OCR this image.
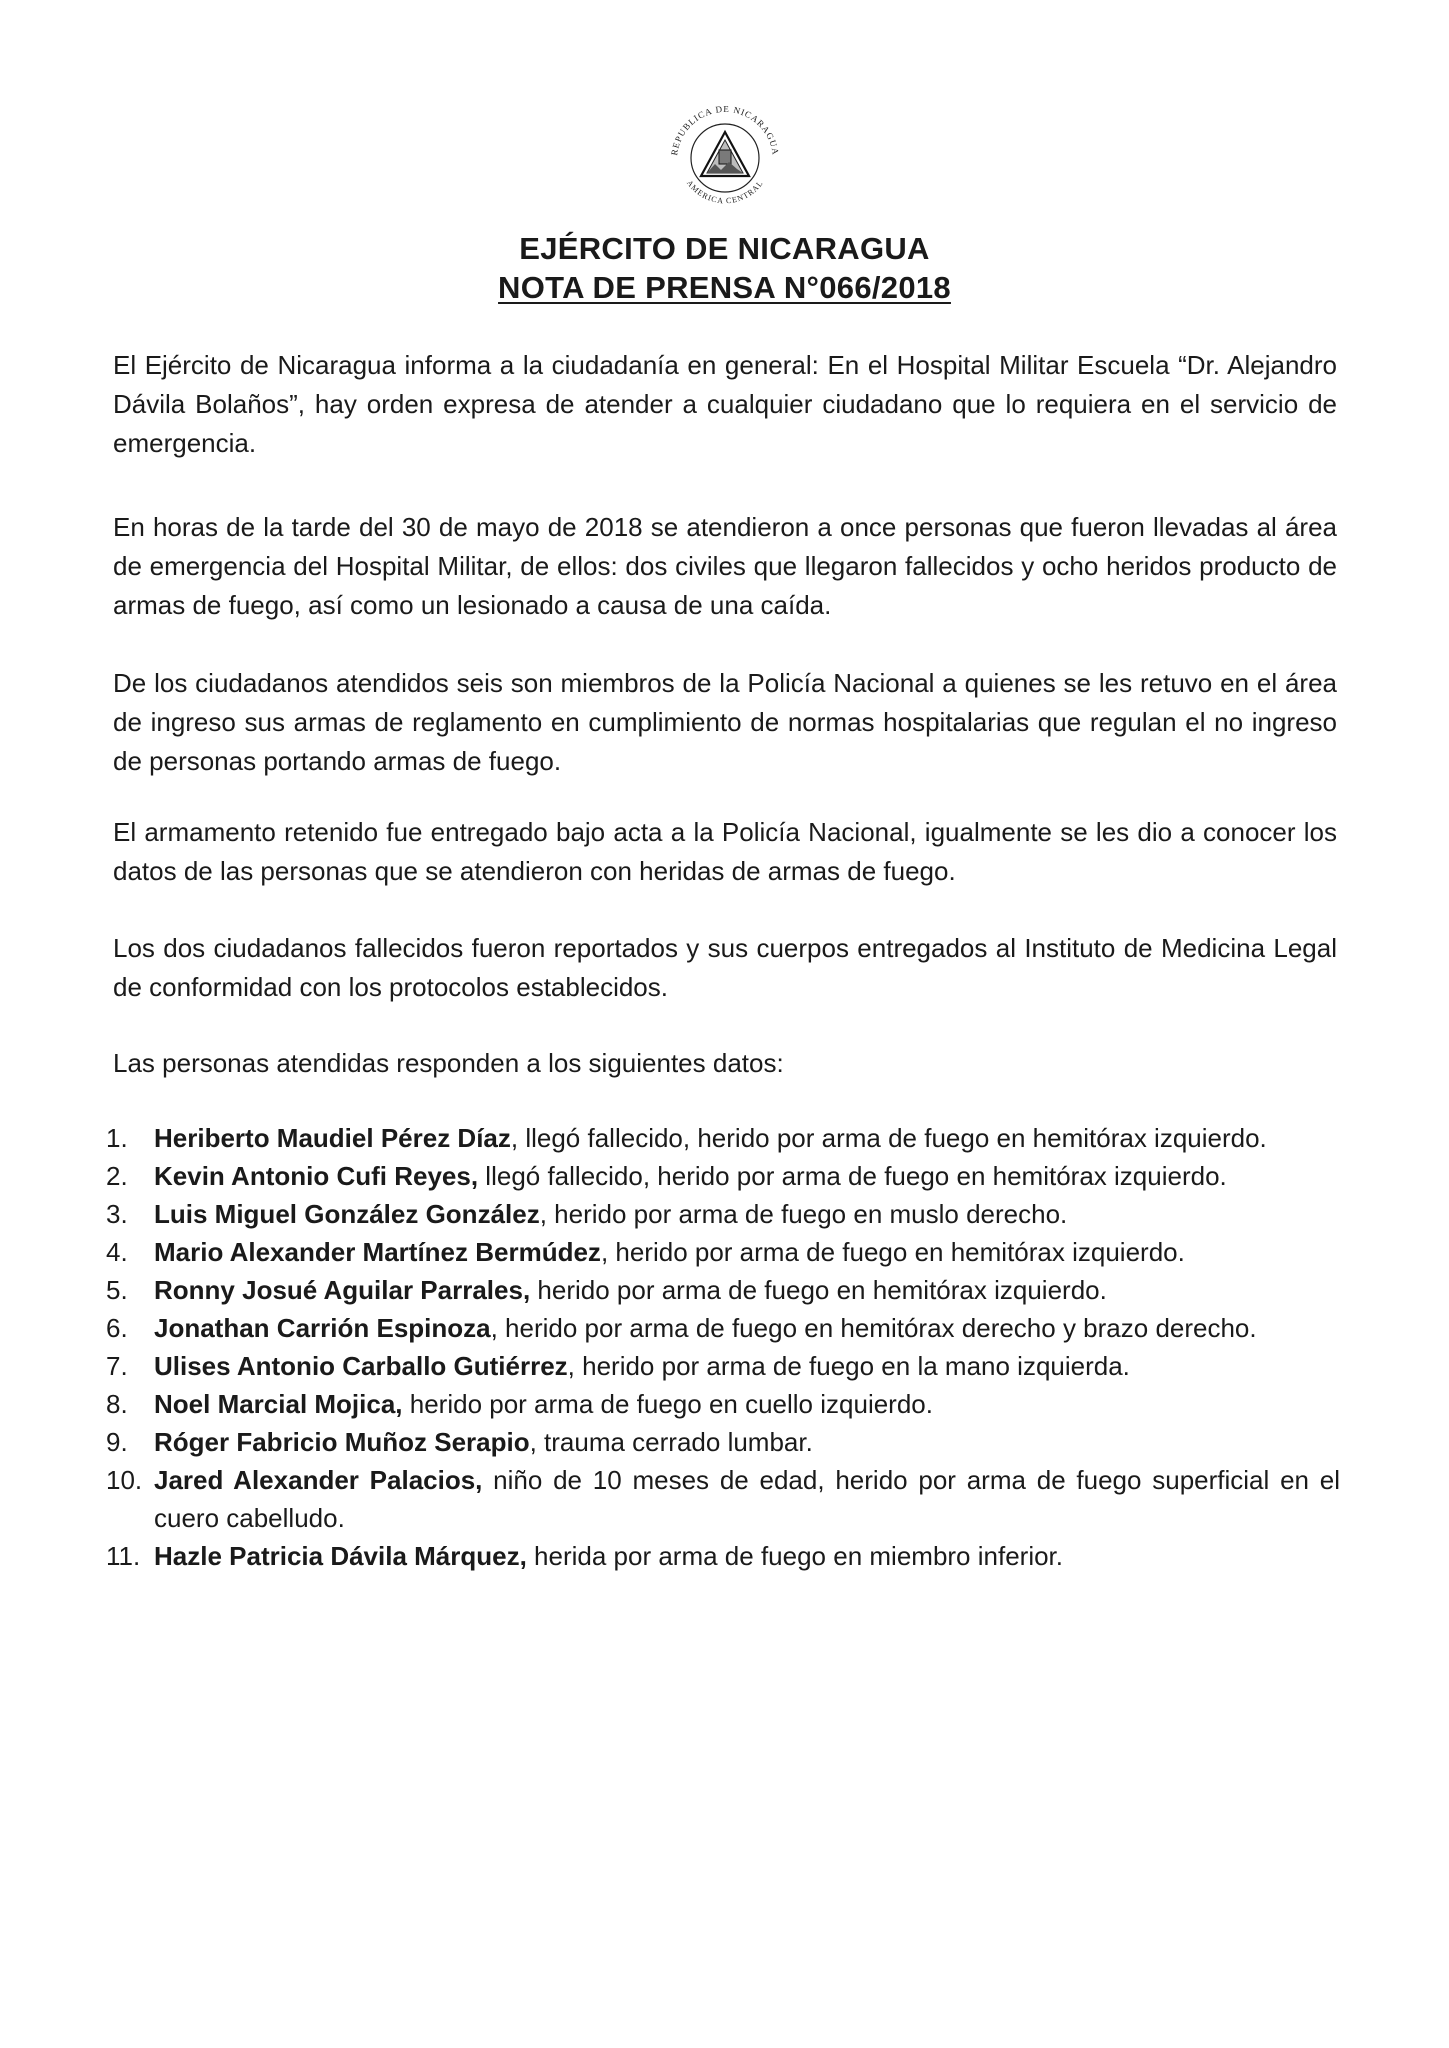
REPUBLICA DE NICARAGUA
AMERICA CENTRAL
EJÉRCITO DE NICARAGUA
NOTA DE PRENSA N°066/2018
El Ejército de Nicaragua informa a la ciudadanía en general: En el Hospital Militar Escuela “Dr. Alejandro Dávila Bolaños”, hay orden expresa de atender a cualquier ciudadano que lo requiera en el servicio de emergencia.
En horas de la tarde del 30 de mayo de 2018 se atendieron a once personas que fueron llevadas al área de emergencia del Hospital Militar, de ellos: dos civiles que llegaron fallecidos y ocho heridos producto de armas de fuego, así como un lesionado a causa de una caída.
De los ciudadanos atendidos seis son miembros de la Policía Nacional a quienes se les retuvo en el área de ingreso sus armas de reglamento en cumplimiento de normas hospitalarias que regulan el no ingreso de personas portando armas de fuego.
El armamento retenido fue entregado bajo acta a la Policía Nacional, igualmente se les dio a conocer los datos de las personas que se atendieron con heridas de armas de fuego.
Los dos ciudadanos fallecidos fueron reportados y sus cuerpos entregados al Instituto de Medicina Legal de conformidad con los protocolos establecidos.
Las personas atendidas responden a los siguientes datos:
1. Heriberto Maudiel Pérez Díaz, llegó fallecido, herido por arma de fuego en hemitórax izquierdo.
2. Kevin Antonio Cufi Reyes, llegó fallecido, herido por arma de fuego en hemitórax izquierdo.
3. Luis Miguel González González, herido por arma de fuego en muslo derecho.
4. Mario Alexander Martínez Bermúdez, herido por arma de fuego en hemitórax izquierdo.
5. Ronny Josué Aguilar Parrales, herido por arma de fuego en hemitórax izquierdo.
6. Jonathan Carrión Espinoza, herido por arma de fuego en hemitórax derecho y brazo derecho.
7. Ulises Antonio Carballo Gutiérrez, herido por arma de fuego en la mano izquierda.
8. Noel Marcial Mojica, herido por arma de fuego en cuello izquierdo.
9. Róger Fabricio Muñoz Serapio, trauma cerrado lumbar.
10. Jared Alexander Palacios, niño de 10 meses de edad, herido por arma de fuego superficial en el cuero cabelludo.
11. Hazle Patricia Dávila Márquez, herida por arma de fuego en miembro inferior.
